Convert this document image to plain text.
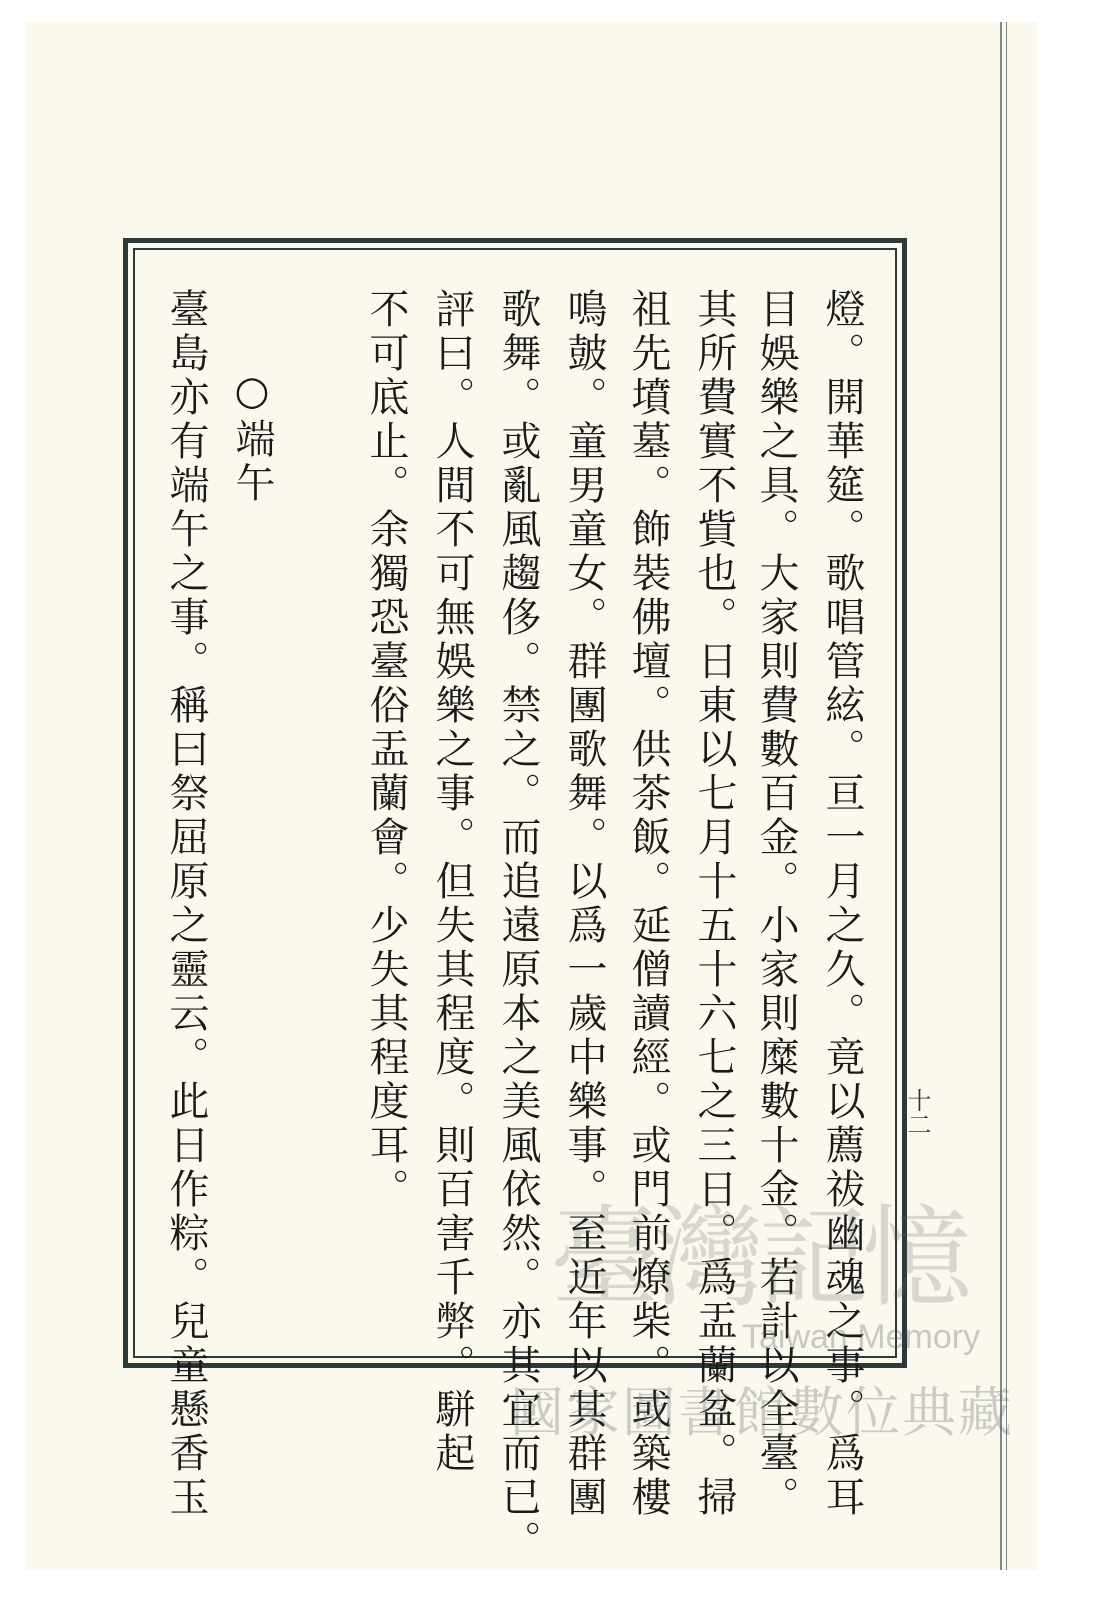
燈。開華筵。歌唱管絃。亘一月之久。竟以薦祓幽魂之事。爲耳
目娛樂之具。大家則費數百金。小家則糜數十金。若計以全臺。
其所費實不貲也。日東以七月十五十六七之三日。爲盂蘭盆。掃
祖先墳墓。飾裝佛壇。供茶飯。延僧讀經。或門前燎柴。或築樓
鳴皷。童男童女。群團歌舞。以爲一歲中樂事。至近年以其群團
歌舞。或亂風趨侈。禁之。而追遠原本之美風依然。亦其宜而已。
評曰。人間不可無娛樂之事。但失其程度。則百害千弊。駢起
不可底止。余獨恐臺俗盂蘭會。少失其程度耳。
○端午
臺島亦有端午之事。稱曰祭屈原之靈云。此日作粽。兒童懸香玉	十二
臺灣記憶
Taiwan Memory
國家圖書館數位典藏
